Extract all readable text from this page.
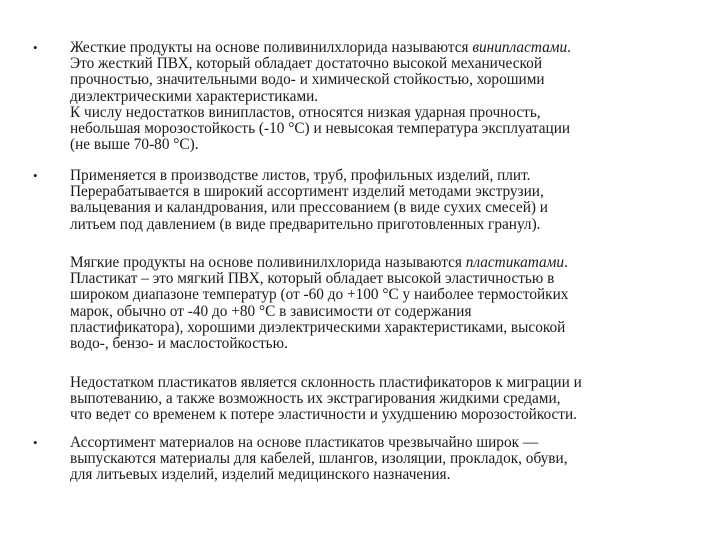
•
•
•
Жесткие продукты на основе поливинилхлорида называются винипластами.
Это жесткий ПВХ, который обладает достаточно высокой механической
прочностью, значительными водо- и химической стойкостью, хорошими
диэлектрическими характеристиками.
К числу недостатков винипластов, относятся низкая ударная прочность,
небольшая морозостойкость (-10 °С) и невысокая температура эксплуатации
(не выше 70-80 °С).
Применяется в производстве листов, труб, профильных изделий, плит.
Перерабатывается в широкий ассортимент изделий методами экструзии,
вальцевания и каландрования, или прессованием (в виде сухих смесей) и
литьем под давлением (в виде предварительно приготовленных гранул).
Мягкие продукты на основе поливинилхлорида называются пластикатами.
Пластикат – это мягкий ПВХ, который обладает высокой эластичностью в
широком диапазоне температур (от -60 до +100 °С у наиболее термостойких
марок, обычно от -40 до +80 °С в зависимости от содержания
пластификатора), хорошими диэлектрическими характеристиками, высокой
водо-, бензо- и маслостойкостью.
Недостатком пластикатов является склонность пластификаторов к миграции и
выпотеванию, а также возможность их экстрагирования жидкими средами,
что ведет со временем к потере эластичности и ухудшению морозостойкости.
Ассортимент материалов на основе пластикатов чрезвычайно широк —
выпускаются материалы для кабелей, шлангов, изоляции, прокладок, обуви,
для литьевых изделий, изделий медицинского назначения.
